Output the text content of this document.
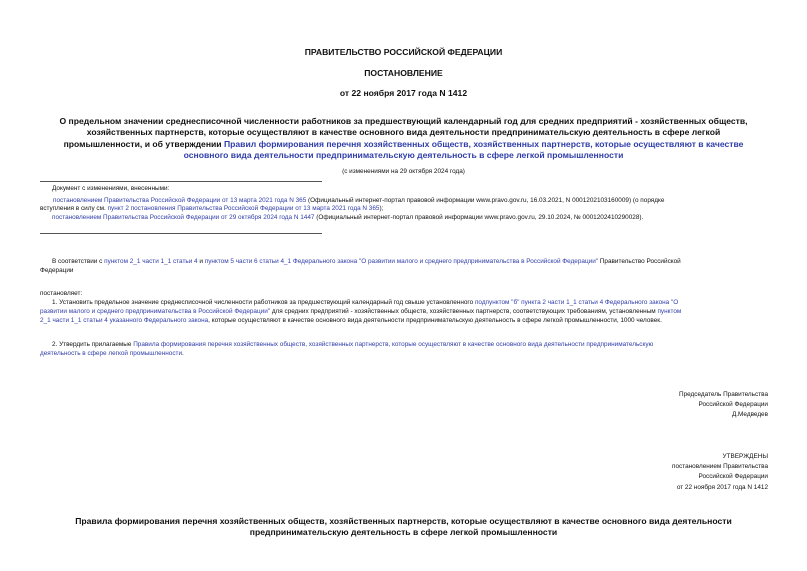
ПРАВИТЕЛЬСТВО РОССИЙСКОЙ ФЕДЕРАЦИИ
ПОСТАНОВЛЕНИЕ
от 22 ноября 2017 года N 1412
О предельном значении среднесписочной численности работников за предшествующий календарный год для средних предприятий - хозяйственных обществ,
хозяйственных партнерств, которые осуществляют в качестве основного вида деятельности предпринимательскую деятельность в сфере легкой
промышленности, и об утверждении Правил формирования перечня хозяйственных обществ, хозяйственных партнерств, которые осуществляют в качестве
основного вида деятельности предпринимательскую деятельность в сфере легкой промышленности
(с изменениями на 29 октября 2024 года)
Документ с изменениями, внесенными:
постановлением Правительства Российской Федерации от 13 марта 2021 года N 365 (Официальный интернет-портал правовой информации www.pravo.gov.ru, 16.03.2021, N 0001202103160009) (о порядке
вступления в силу см. пункт 2 постановления Правительства Российской Федерации от 13 марта 2021 года N 365);
постановлением Правительства Российской Федерации от 29 октября 2024 года N 1447 (Официальный интернет-портал правовой информации www.pravo.gov.ru, 29.10.2024, № 0001202410290028).
В соответствии с пунктом 2_1 части 1_1 статьи 4 и пунктом 5 части 6 статьи 4_1 Федерального закона "О развитии малого и среднего предпринимательства в Российской Федерации" Правительство Российской
Федерации
постановляет:
1. Установить предельное значение среднесписочной численности работников за предшествующий календарный год свыше установленного подпунктом "б" пункта 2 части 1_1 статьи 4 Федерального закона "О
развитии малого и среднего предпринимательства в Российской Федерации" для средних предприятий - хозяйственных обществ, хозяйственных партнерств, соответствующих требованиям, установленным пунктом
2_1 части 1_1 статьи 4 указанного Федерального закона, которые осуществляют в качестве основного вида деятельности предпринимательскую деятельность в сфере легкой промышленности, 1000 человек.
2. Утвердить прилагаемые Правила формирования перечня хозяйственных обществ, хозяйственных партнерств, которые осуществляют в качестве основного вида деятельности предпринимательскую
деятельность в сфере легкой промышленности.
Председатель Правительства
Российской Федерации
Д.Медведев
УТВЕРЖДЕНЫ
постановлением Правительства
Российской Федерации
от 22 ноября 2017 года N 1412
Правила формирования перечня хозяйственных обществ, хозяйственных партнерств, которые осуществляют в качестве основного вида деятельности
предпринимательскую деятельность в сфере легкой промышленности
